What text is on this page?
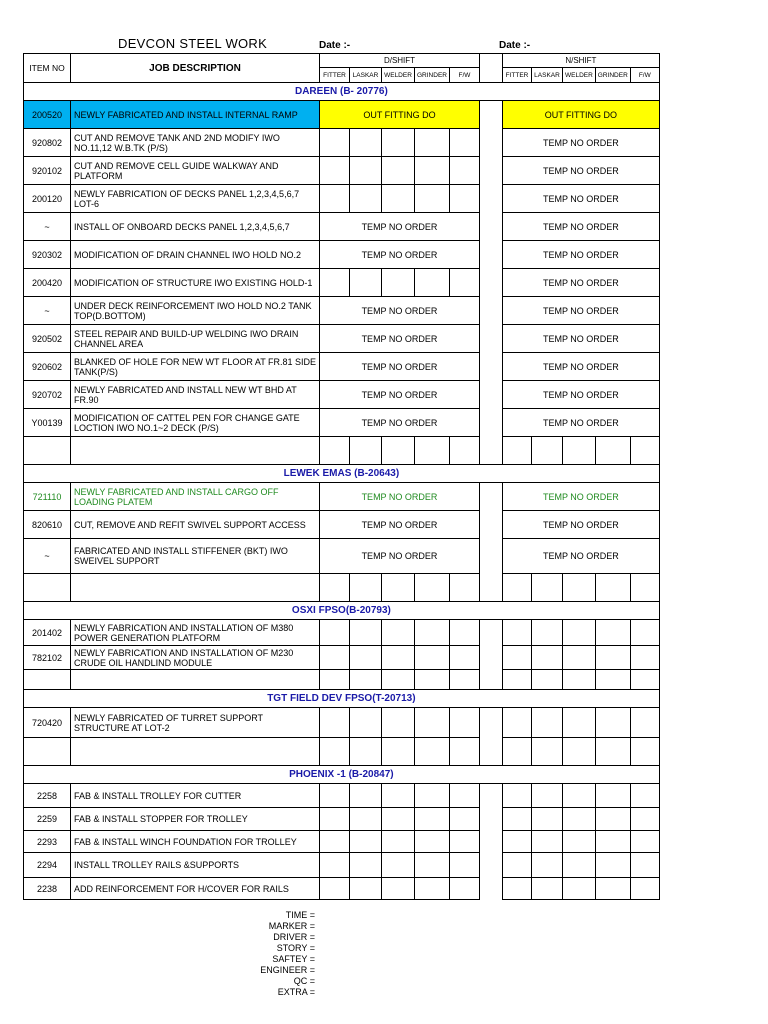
DEVCON STEEL WORK	Date :-	Date :-
ITEM NO	JOB DESCRIPTION	D/SHIFT						N/SHIFT				
		FITTER	LASKAR	WELDER	GRINDER	F/W		FITTER	LASKAR	WELDER	GRINDER	F/W
DAREEN (B- 20776)												
200520	NEWLY FABRICATED AND INSTALL INTERNAL RAMP	OUT FITTING DO						OUT FITTING DO				
920802	CUT AND REMOVE TANK AND 2ND MODIFY IWO NO.11,12 W.B.TK (P/S)							TEMP NO ORDER				
920102	CUT AND REMOVE CELL GUIDE WALKWAY AND PLATFORM							TEMP NO ORDER				
200120	NEWLY FABRICATION OF DECKS PANEL 1,2,3,4,5,6,7 LOT-6							TEMP NO ORDER				
~	INSTALL OF ONBOARD DECKS PANEL 1,2,3,4,5,6,7	TEMP NO ORDER						TEMP NO ORDER				
920302	MODIFICATION OF DRAIN CHANNEL IWO HOLD NO.2	TEMP NO ORDER						TEMP NO ORDER				
200420	MODIFICATION OF STRUCTURE IWO EXISTING HOLD-1							TEMP NO ORDER				
~	UNDER DECK REINFORCEMENT IWO HOLD NO.2 TANK TOP(D.BOTTOM)	TEMP NO ORDER						TEMP NO ORDER				
920502	STEEL REPAIR AND BUILD-UP WELDING IWO DRAIN CHANNEL AREA	TEMP NO ORDER						TEMP NO ORDER				
920602	BLANKED OF HOLE FOR NEW WT FLOOR AT FR.81 SIDE TANK(P/S)	TEMP NO ORDER						TEMP NO ORDER				
920702	NEWLY FABRICATED AND INSTALL NEW WT BHD AT FR.90	TEMP NO ORDER						TEMP NO ORDER				
Y00139	MODIFICATION OF CATTEL PEN FOR CHANGE GATE LOCTION IWO NO.1~2 DECK (P/S)	TEMP NO ORDER						TEMP NO ORDER				

LEWEK EMAS (B-20643)												
721110	NEWLY FABRICATED AND INSTALL CARGO OFF LOADING PLATEM	TEMP NO ORDER						TEMP NO ORDER				
820610	CUT, REMOVE AND REFIT SWIVEL SUPPORT ACCESS	TEMP NO ORDER						TEMP NO ORDER				
~	FABRICATED AND INSTALL STIFFENER (BKT) IWO SWEIVEL SUPPORT	TEMP NO ORDER						TEMP NO ORDER				

OSXI FPSO(B-20793)												
201402	NEWLY FABRICATION AND INSTALLATION OF M380 POWER GENERATION PLATFORM											
782102	NEWLY FABRICATION AND INSTALLATION OF M230 CRUDE OIL HANDLIND MODULE											

TGT FIELD DEV FPSO(T-20713)												
720420	NEWLY FABRICATED OF TURRET SUPPORT STRUCTURE AT LOT-2											

PHOENIX -1 (B-20847)												
2258	FAB & INSTALL TROLLEY FOR CUTTER											
2259	FAB & INSTALL STOPPER FOR TROLLEY											
2293	FAB & INSTALL WINCH FOUNDATION FOR TROLLEY											
2294	INSTALL TROLLEY RAILS &SUPPORTS											
2238	ADD REINFORCEMENT FOR H/COVER FOR RAILS											
TIME =
MARKER =
DRIVER =
STORY =
SAFTEY =
ENGINEER =
QC =
EXTRA =
